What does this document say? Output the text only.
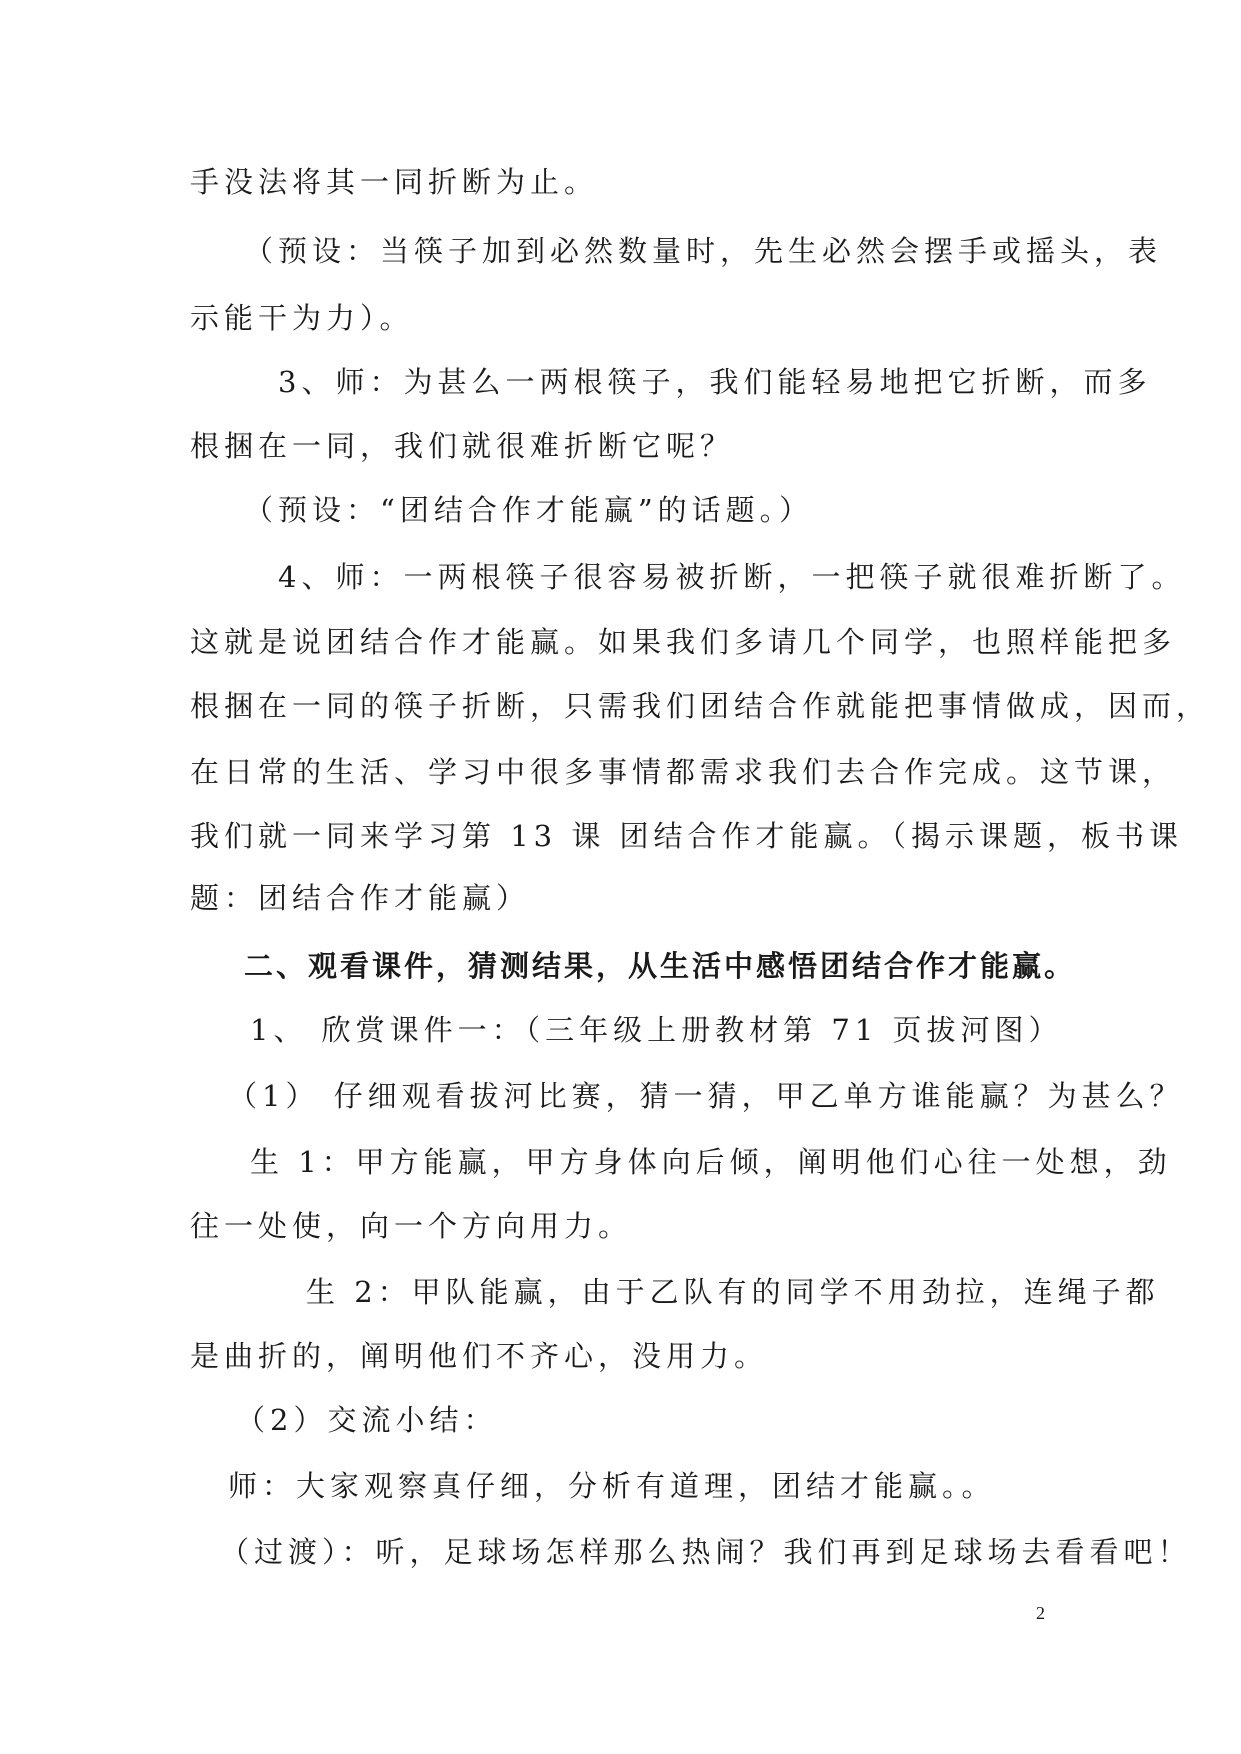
手没法将其一同折断为止。

（预设：当筷子加到必然数量时，先生必然会摆手或摇头，表

示能干为力）。

3、师：为甚么一两根筷子，我们能轻易地把它折断，而多

根捆在一同，我们就很难折断它呢？

（预设：“团结合作才能赢”的话题。）

4、师：一两根筷子很容易被折断，一把筷子就很难折断了。

这就是说团结合作才能赢。如果我们多请几个同学，也照样能把多

根捆在一同的筷子折断，只需我们团结合作就能把事情做成，因而，

在日常的生活、学习中很多事情都需求我们去合作完成。这节课，

我们就一同来学习第 13 课 团结合作才能赢。（揭示课题，板书课

题：团结合作才能赢）

二、观看课件，猜测结果，从生活中感悟团结合作才能赢。

1、 欣赏课件一：（三年级上册教材第 71 页拔河图）

（1） 仔细观看拔河比赛，猜一猜，甲乙单方谁能赢？为甚么？

生 1：甲方能赢，甲方身体向后倾，阐明他们心往一处想，劲

往一处使，向一个方向用力。

生 2：甲队能赢，由于乙队有的同学不用劲拉，连绳子都

是曲折的，阐明他们不齐心，没用力。

（2）交流小结：

师：大家观察真仔细，分析有道理，团结才能赢。。

（过渡）：听，足球场怎样那么热闹？我们再到足球场去看看吧！

2
